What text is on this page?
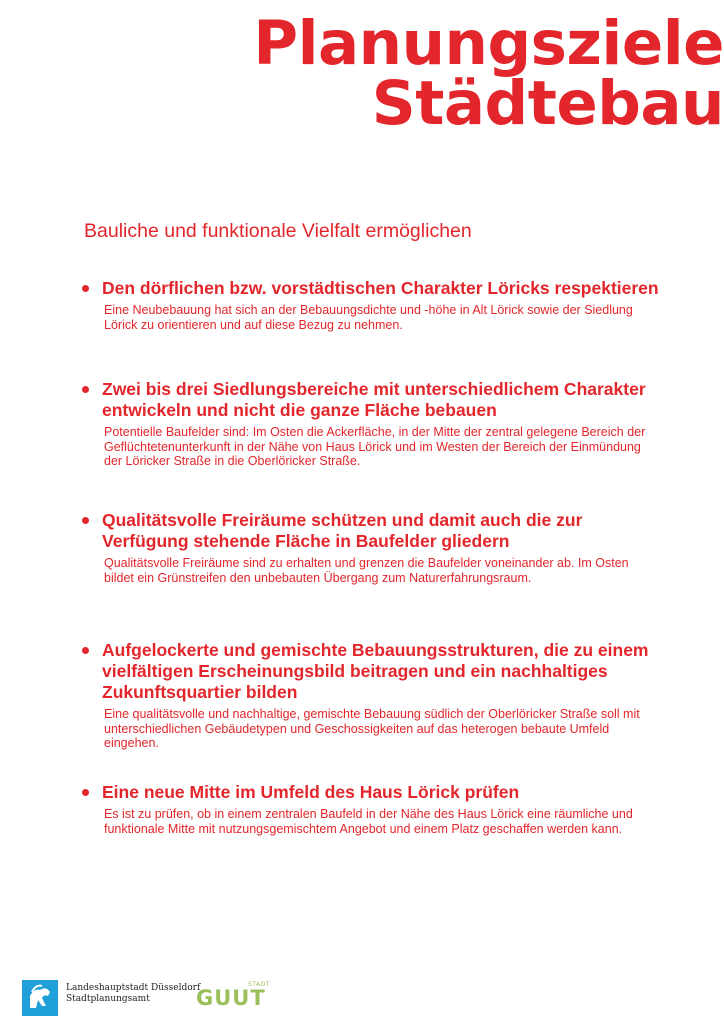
Planungsziele
Städtebau
Bauliche und funktionale Vielfalt ermöglichen
Den dörflichen bzw. vorstädtischen Charakter Löricks respektieren

Eine Neubebauung hat sich an der Bebauungsdichte und -höhe in Alt Lörick sowie der Siedlung Lörick zu orientieren und auf diese Bezug zu nehmen.

Zwei bis drei Siedlungsbereiche mit unterschiedlichem Charakter entwickeln und nicht die ganze Fläche bebauen

Potentielle Baufelder sind: Im Osten die Ackerfläche, in der Mitte der zentral gelegene Bereich der Geflüchtetenunterkunft in der Nähe von Haus Lörick und im Westen der Bereich der Einmündung der Löricker Straße in die Oberlöricker Straße.

Qualitätsvolle Freiräume schützen und damit auch die zur Verfügung stehende Fläche in Baufelder gliedern

Qualitätsvolle Freiräume sind zu erhalten und grenzen die Baufelder voneinander ab. Im Osten bildet ein Grünstreifen den unbebauten Übergang zum Naturerfahrungsraum.

Aufgelockerte und gemischte Bebauungsstrukturen, die zu einem vielfältigen Erscheinungsbild beitragen und ein nachhaltiges Zukunftsquartier bilden

Eine qualitätsvolle und nachhaltige, gemischte Bebauung südlich der Oberlöricker Straße soll mit unterschiedlichen Gebäudetypen und Geschossigkeiten auf das heterogen bebaute Umfeld eingehen.

Eine neue Mitte im Umfeld des Haus Lörick prüfen

Es ist zu prüfen, ob in einem zentralen Baufeld in der Nähe des Haus Lörick eine räumliche und funktionale Mitte mit nutzungsgemischtem Angebot und einem Platz geschaffen werden kann.

Landeshauptstadt Düsseldorf
Stadtplanungsamt	GUUT
STADT
